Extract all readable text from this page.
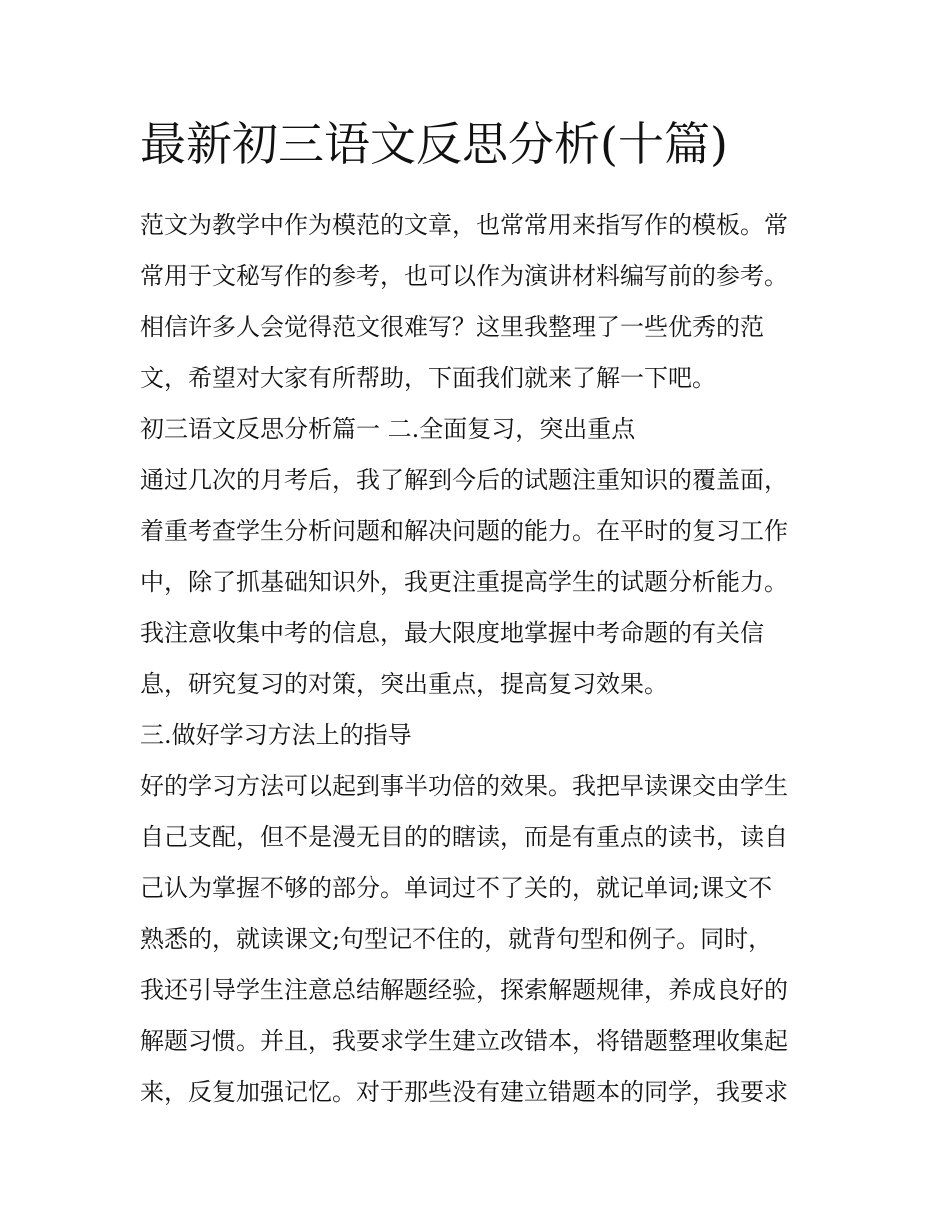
最新初三语文反思分析(十篇)
范文为教学中作为模范的文章，也常常用来指写作的模板。常
常用于文秘写作的参考，也可以作为演讲材料编写前的参考。
相信许多人会觉得范文很难写？这里我整理了一些优秀的范
文，希望对大家有所帮助，下面我们就来了解一下吧。
初三语文反思分析篇一 二.全面复习，突出重点
通过几次的月考后，我了解到今后的试题注重知识的覆盖面，
着重考查学生分析问题和解决问题的能力。在平时的复习工作
中，除了抓基础知识外，我更注重提高学生的试题分析能力。
我注意收集中考的信息，最大限度地掌握中考命题的有关信
息，研究复习的对策，突出重点，提高复习效果。
三.做好学习方法上的指导
好的学习方法可以起到事半功倍的效果。我把早读课交由学生
自己支配，但不是漫无目的的瞎读，而是有重点的读书，读自
己认为掌握不够的部分。单词过不了关的，就记单词;课文不
熟悉的，就读课文;句型记不住的，就背句型和例子。同时，
我还引导学生注意总结解题经验，探索解题规律，养成良好的
解题习惯。并且，我要求学生建立改错本，将错题整理收集起
来，反复加强记忆。对于那些没有建立错题本的同学，我要求
